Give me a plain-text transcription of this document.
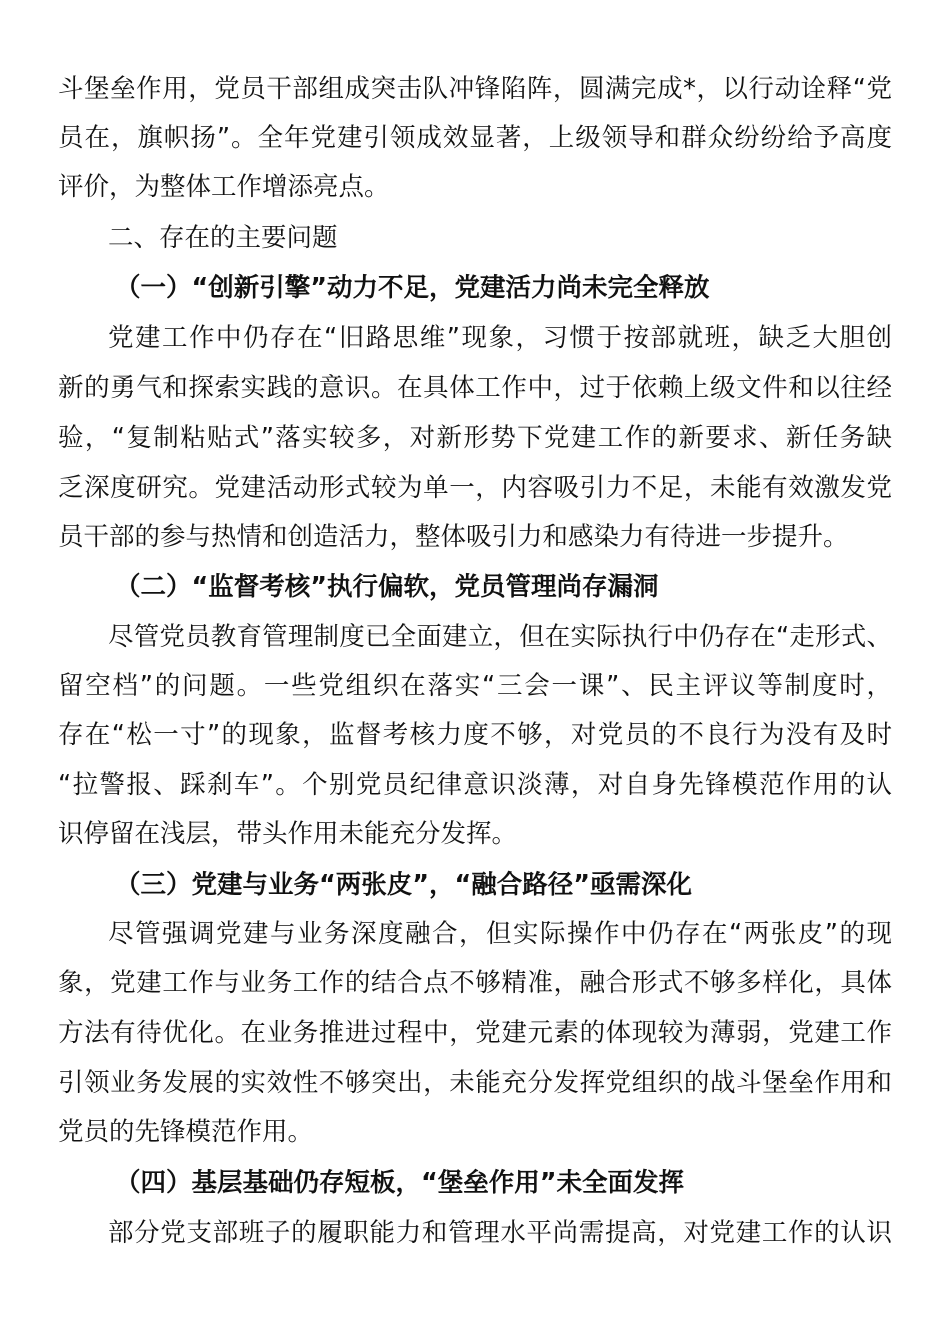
斗堡垒作用，党员干部组成突击队冲锋陷阵，圆满完成*，以行动诠释“党
员在，旗帜扬”。全年党建引领成效显著，上级领导和群众纷纷给予高度
评价，为整体工作增添亮点。
二、存在的主要问题
（一）“创新引擎”动力不足，党建活力尚未完全释放
党建工作中仍存在“旧路思维”现象，习惯于按部就班，缺乏大胆创
新的勇气和探索实践的意识。在具体工作中，过于依赖上级文件和以往经
验，“复制粘贴式”落实较多，对新形势下党建工作的新要求、新任务缺
乏深度研究。党建活动形式较为单一，内容吸引力不足，未能有效激发党
员干部的参与热情和创造活力，整体吸引力和感染力有待进一步提升。
（二）“监督考核”执行偏软，党员管理尚存漏洞
尽管党员教育管理制度已全面建立，但在实际执行中仍存在“走形式、
留空档”的问题。一些党组织在落实“三会一课”、民主评议等制度时，
存在“松一寸”的现象，监督考核力度不够，对党员的不良行为没有及时
“拉警报、踩刹车”。个别党员纪律意识淡薄，对自身先锋模范作用的认
识停留在浅层，带头作用未能充分发挥。
（三）党建与业务“两张皮”，“融合路径”亟需深化
尽管强调党建与业务深度融合，但实际操作中仍存在“两张皮”的现
象，党建工作与业务工作的结合点不够精准，融合形式不够多样化，具体
方法有待优化。在业务推进过程中，党建元素的体现较为薄弱，党建工作
引领业务发展的实效性不够突出，未能充分发挥党组织的战斗堡垒作用和
党员的先锋模范作用。
（四）基层基础仍存短板，“堡垒作用”未全面发挥
部分党支部班子的履职能力和管理水平尚需提高，对党建工作的认识
